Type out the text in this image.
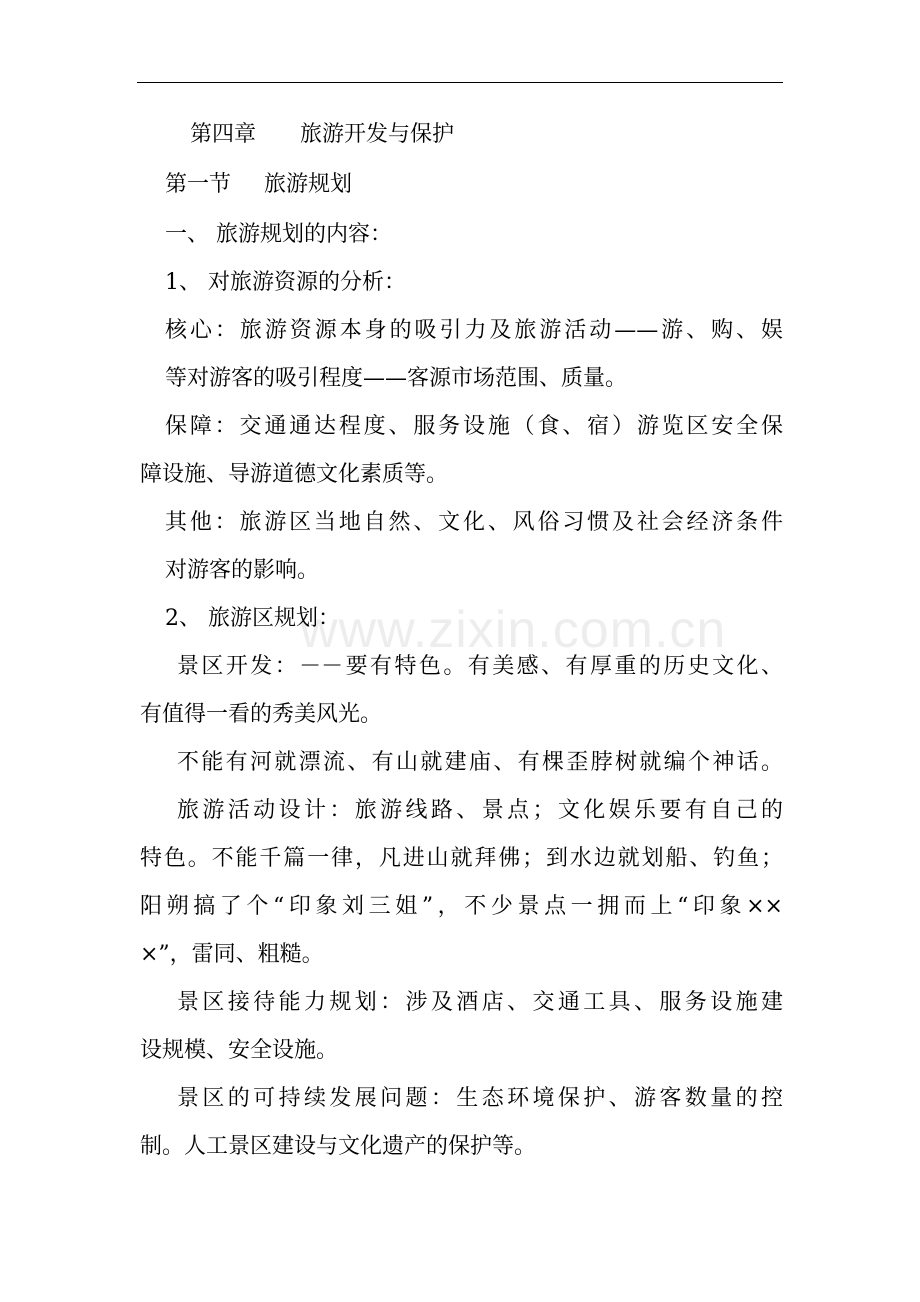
www.zixin.com.cn
第四章 旅游开发与保护
第一节 旅游规划

一、 旅游规划的内容：

1、 对旅游资源的分析：

核心：旅游资源本身的吸引力及旅游活动——游、购、娱

等对游客的吸引程度——客源市场范围、质量。

保障：交通通达程度、服务设施（食、宿）游览区安全保

障设施、导游道德文化素质等。

其他：旅游区当地自然、文化、风俗习惯及社会经济条件

对游客的影响。

2、 旅游区规划：

景区开发：－－要有特色。有美感、有厚重的历史文化、

有值得一看的秀美风光。

不能有河就漂流、有山就建庙、有棵歪脖树就编个神话。

旅游活动设计：旅游线路、景点；文化娱乐要有自己的

特色。不能千篇一律，凡进山就拜佛；到水边就划船、钓鱼；

阳朔搞了个“印象刘三姐”，不少景点一拥而上“印象××

×”，雷同、粗糙。

景区接待能力规划：涉及酒店、交通工具、服务设施建

设规模、安全设施。

景区的可持续发展问题：生态环境保护、游客数量的控

制。人工景区建设与文化遗产的保护等。
